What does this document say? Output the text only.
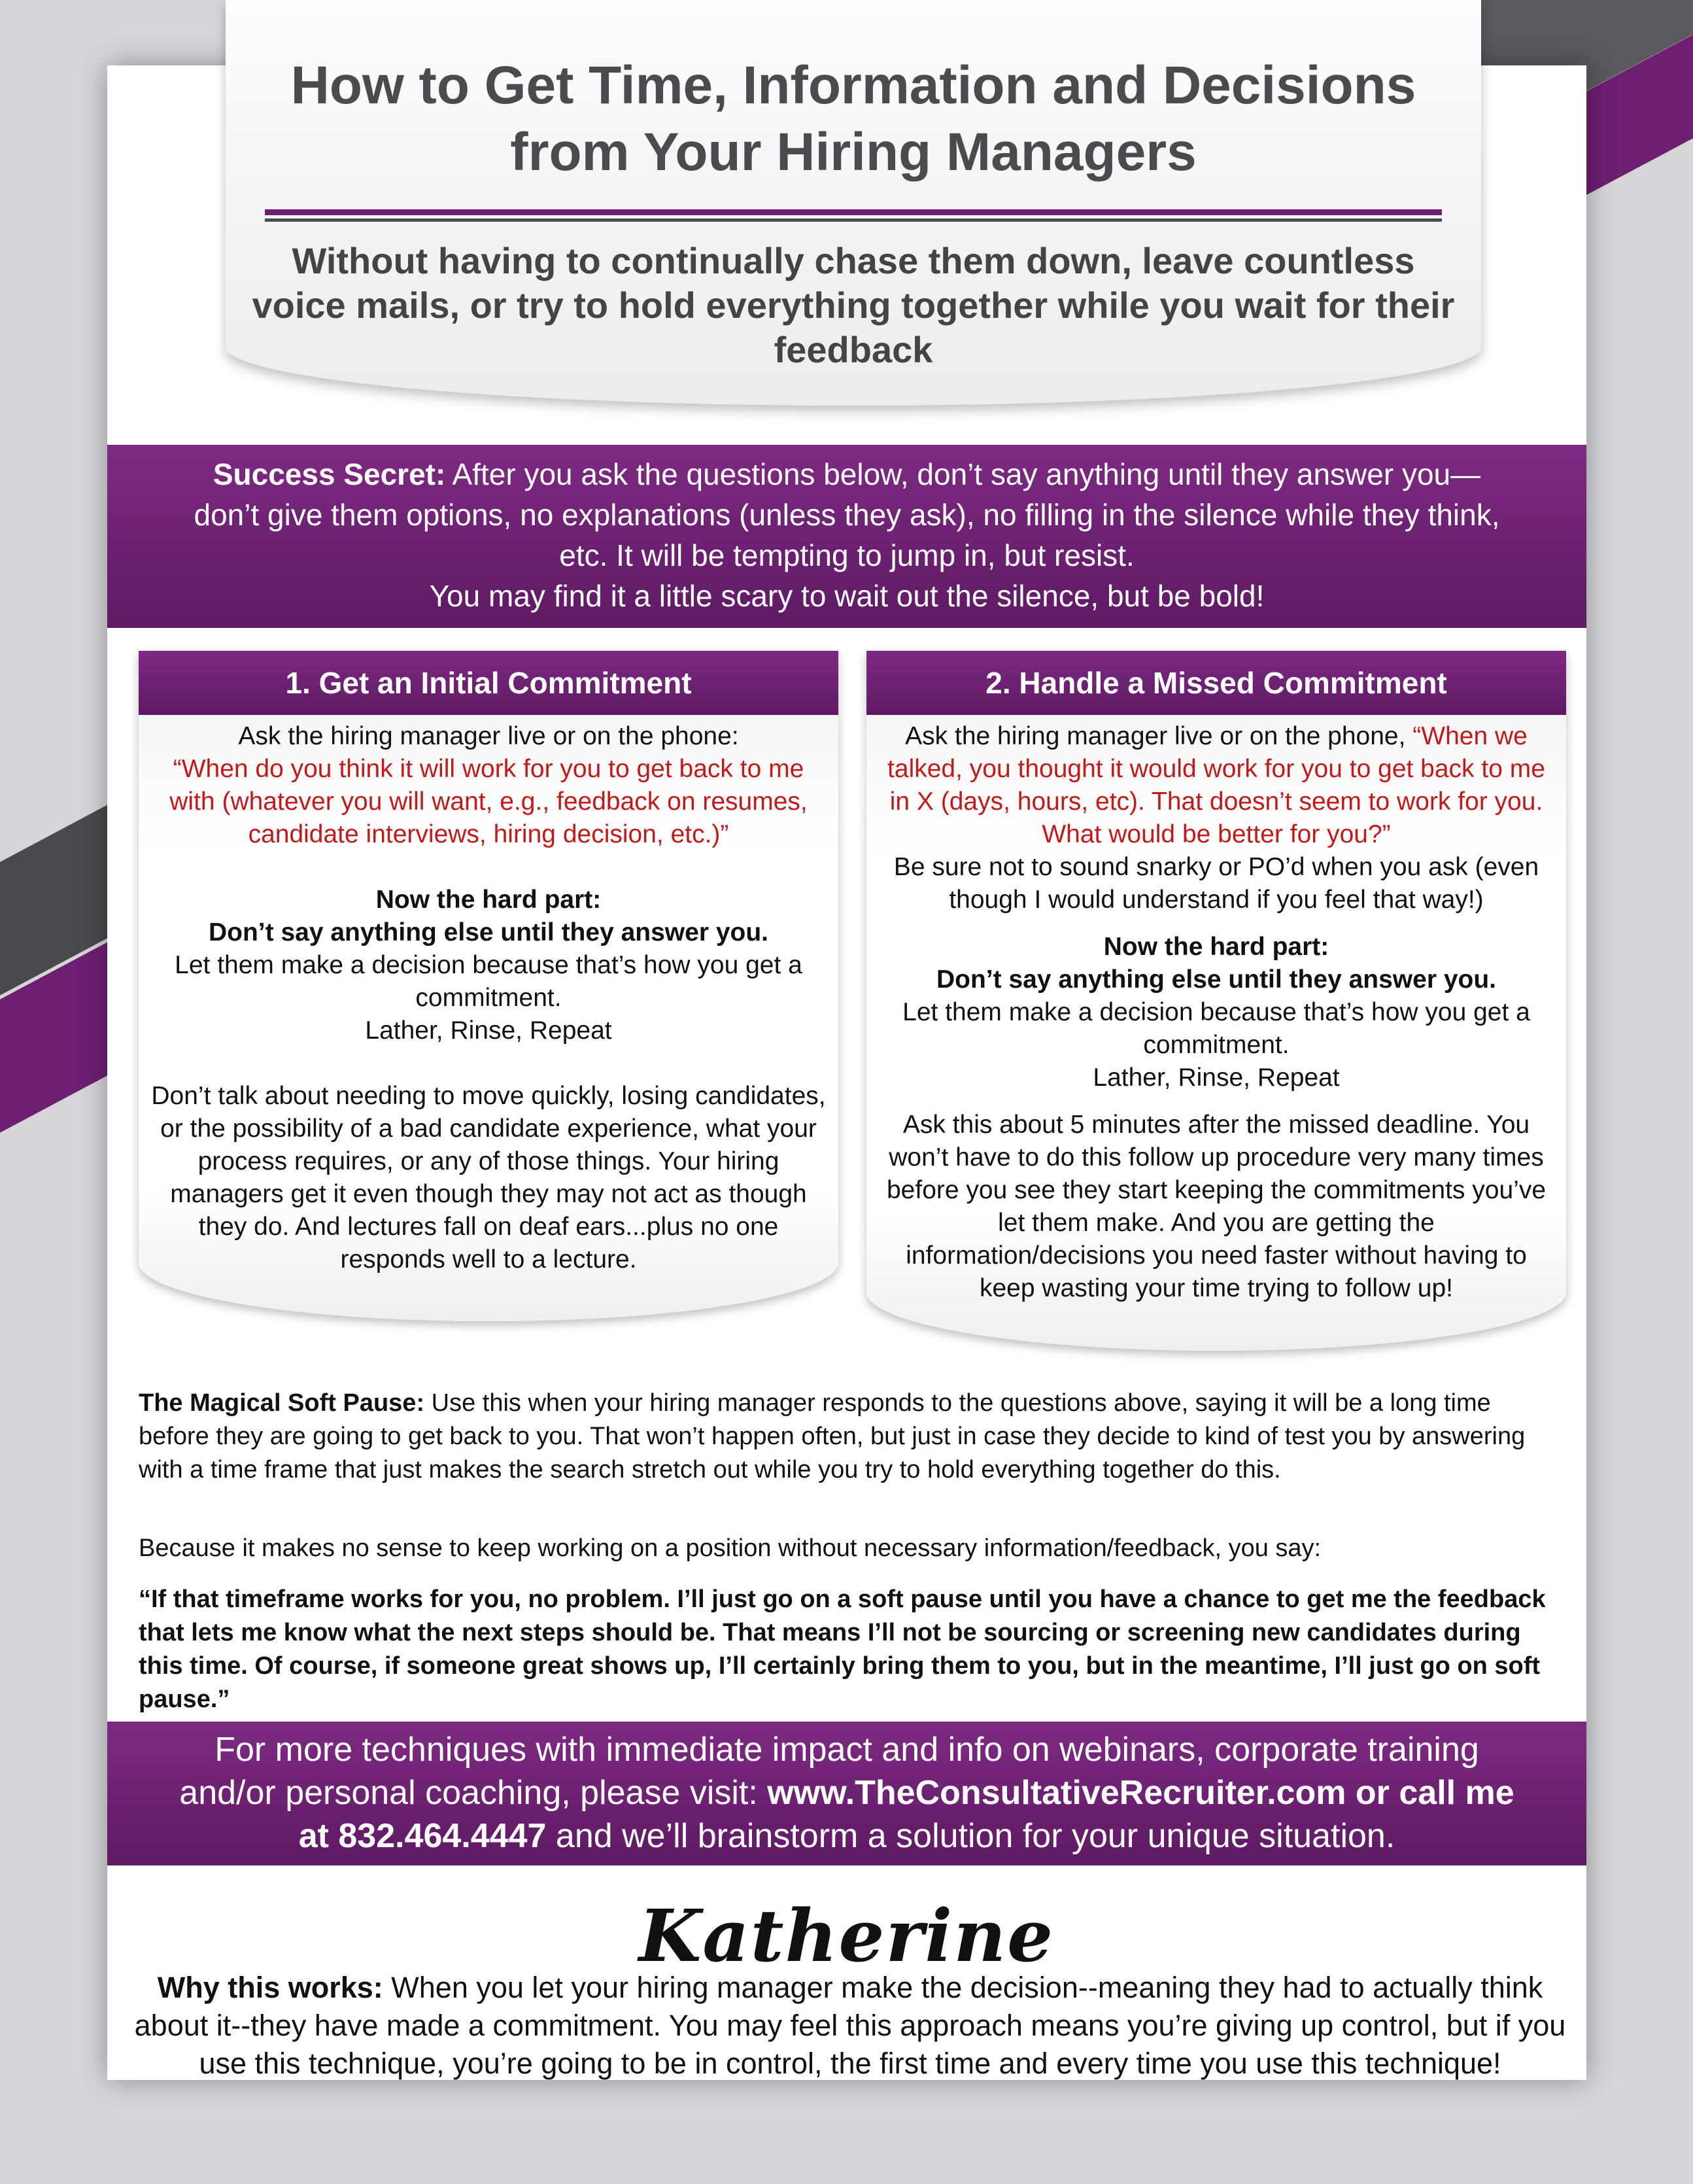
How to Get Time, Information and Decisions from Your Hiring Managers
Without having to continually chase them down, leave countless voice mails, or try to hold everything together while you wait for their feedback
Success Secret: After you ask the questions below, don’t say anything until they answer you—don’t give them options, no explanations (unless they ask), no filling in the silence while they think, etc. It will be tempting to jump in, but resist.
You may find it a little scary to wait out the silence, but be bold!
1. Get an Initial Commitment
Ask the hiring manager live or on the phone:
“When do you think it will work for you to get back to me with (whatever you will want, e.g., feedback on resumes, candidate interviews, hiring decision, etc.)”
Now the hard part:
Don’t say anything else until they answer you.
Let them make a decision because that’s how you get a commitment.
Lather, Rinse, Repeat
Don’t talk about needing to move quickly, losing candidates, or the possibility of a bad candidate experience, what your process requires, or any of those things. Your hiring managers get it even though they may not act as though they do. And lectures fall on deaf ears...plus no one responds well to a lecture.
2. Handle a Missed Commitment
Ask the hiring manager live or on the phone, “When we talked, you thought it would work for you to get back to me in X (days, hours, etc). That doesn’t seem to work for you. What would be better for you?”
Be sure not to sound snarky or PO’d when you ask (even though I would understand if you feel that way!)
Now the hard part:
Don’t say anything else until they answer you.
Let them make a decision because that’s how you get a commitment.
Lather, Rinse, Repeat
Ask this about 5 minutes after the missed deadline. You won’t have to do this follow up procedure very many times before you see they start keeping the commitments you’ve let them make. And you are getting the information/decisions you need faster without having to keep wasting your time trying to follow up!
The Magical Soft Pause: Use this when your hiring manager responds to the questions above, saying it will be a long time before they are going to get back to you. That won’t happen often, but just in case they decide to kind of test you by answering with a time frame that just makes the search stretch out while you try to hold everything together do this.
Because it makes no sense to keep working on a position without necessary information/feedback, you say:
“If that timeframe works for you, no problem. I’ll just go on a soft pause until you have a chance to get me the feedback that lets me know what the next steps should be. That means I’ll not be sourcing or screening new candidates during this time. Of course, if someone great shows up, I’ll certainly bring them to you, but in the meantime, I’ll just go on soft pause.”
For more techniques with immediate impact and info on webinars, corporate training and/or personal coaching, please visit: www.TheConsultativeRecruiter.com or call me at 832.464.4447 and we’ll brainstorm a solution for your unique situation.
Katherine
Why this works: When you let your hiring manager make the decision--meaning they had to actually think about it--they have made a commitment. You may feel this approach means you’re giving up control, but if you use this technique, you’re going to be in control, the first time and every time you use this technique!
